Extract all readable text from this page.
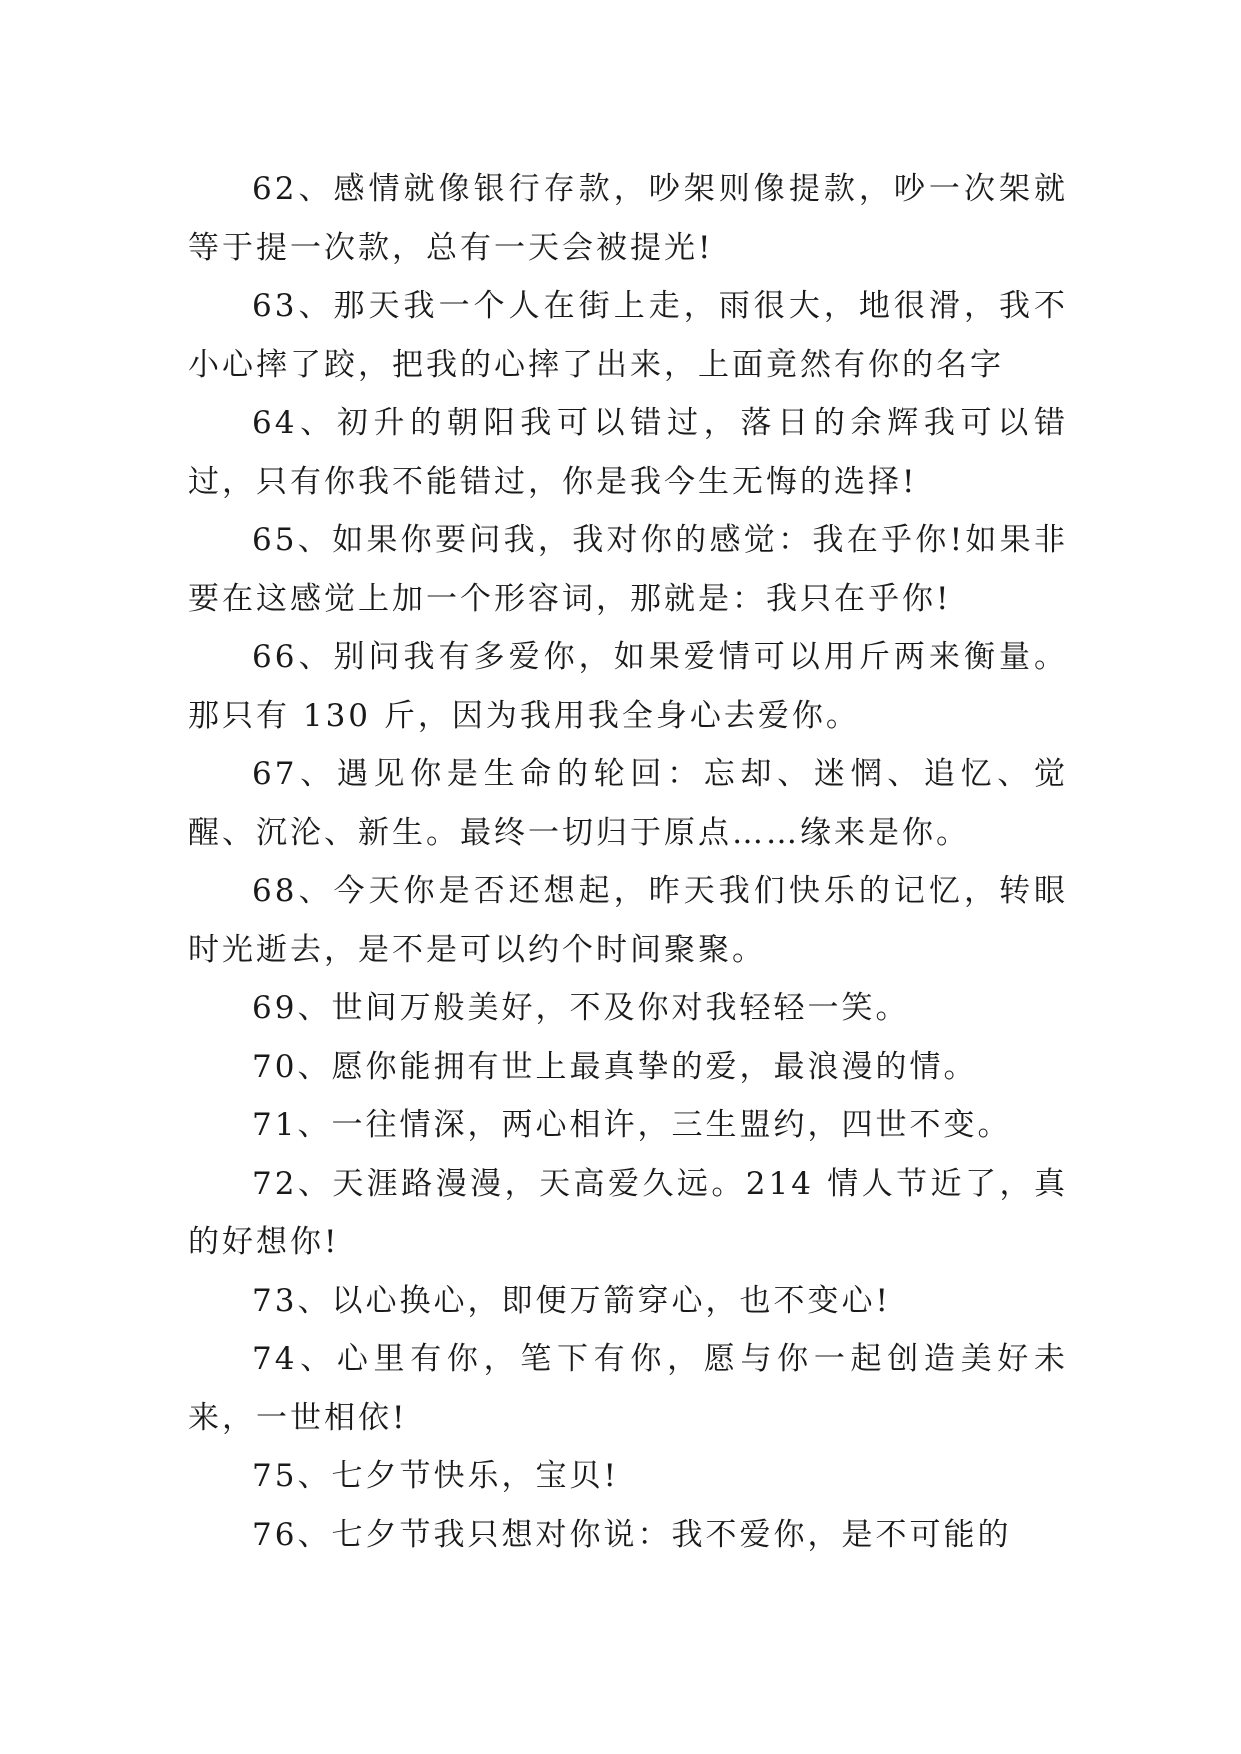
62、感情就像银行存款，吵架则像提款，吵一次架就等于提一次款，总有一天会被提光!

63、那天我一个人在街上走，雨很大，地很滑，我不小心摔了跤，把我的心摔了出来，上面竟然有你的名字

64、初升的朝阳我可以错过，落日的余辉我可以错过，只有你我不能错过，你是我今生无悔的选择!

65、如果你要问我，我对你的感觉：我在乎你!如果非要在这感觉上加一个形容词，那就是：我只在乎你!

66、别问我有多爱你，如果爱情可以用斤两来衡量。那只有 130 斤，因为我用我全身心去爱你。

67、遇见你是生命的轮回：忘却、迷惘、追忆、觉醒、沉沦、新生。最终一切归于原点……缘来是你。

68、今天你是否还想起，昨天我们快乐的记忆，转眼时光逝去，是不是可以约个时间聚聚。

69、世间万般美好，不及你对我轻轻一笑。

70、愿你能拥有世上最真挚的爱，最浪漫的情。

71、一往情深，两心相许，三生盟约，四世不变。

72、天涯路漫漫，天高爱久远。214 情人节近了，真的好想你!

73、以心换心，即便万箭穿心，也不变心!

74、心里有你，笔下有你，愿与你一起创造美好未来，一世相依!

75、七夕节快乐，宝贝!

76、七夕节我只想对你说：我不爱你，是不可能的
